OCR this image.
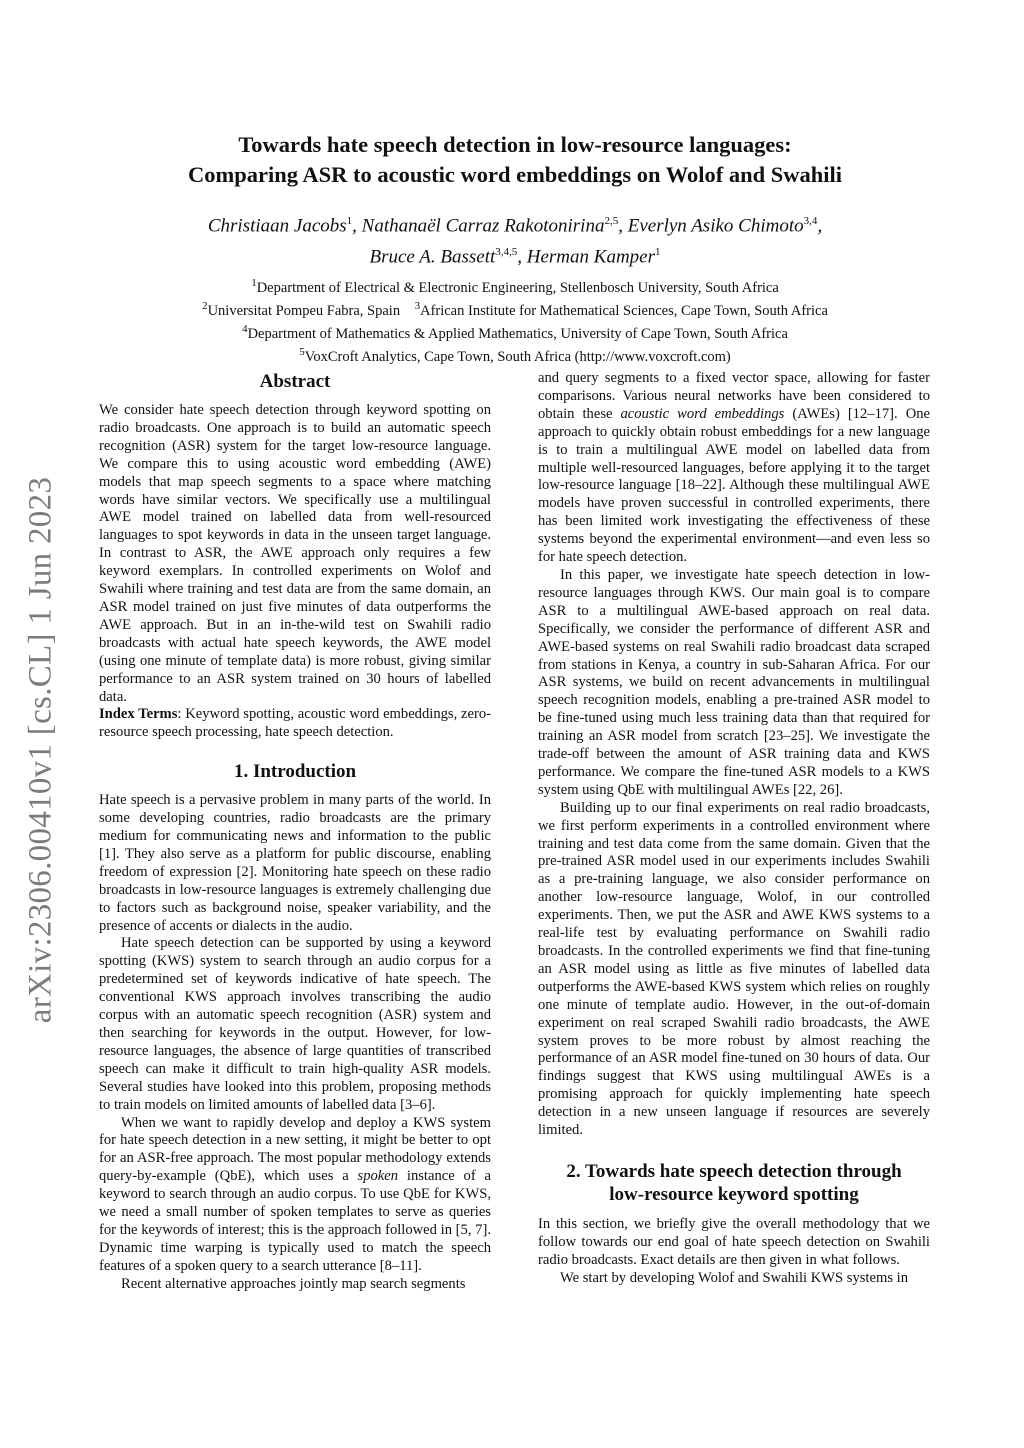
arXiv:2306.00410v1 [cs.CL] 1 Jun 2023
Towards hate speech detection in low-resource languages:
Comparing ASR to acoustic word embeddings on Wolof and Swahili
Christiaan Jacobs$^1$, Nathanaël Carraz Rakotonirina$^{2,5}$, Everlyn Asiko Chimoto$^{3,4}$,
Bruce A. Bassett$^{3,4,5}$, Herman Kamper$^1$
$^1$Department of Electrical & Electronic Engineering, Stellenbosch University, South Africa
$^2$Universitat Pompeu Fabra, Spain $^3$African Institute for Mathematical Sciences, Cape Town, South Africa
$^4$Department of Mathematics & Applied Mathematics, University of Cape Town, South Africa
$^5$VoxCroft Analytics, Cape Town, South Africa (http://www.voxcroft.com)
Abstract

We consider hate speech detection through keyword spotting on radio broadcasts. One approach is to build an automatic speech recognition (ASR) system for the target low-resource language. We compare this to using acoustic word embedding (AWE) models that map speech segments to a space where matching words have similar vectors. We specifically use a multilingual AWE model trained on labelled data from well-resourced languages to spot keywords in data in the unseen target language. In contrast to ASR, the AWE approach only requires a few keyword exemplars. In controlled experiments on Wolof and Swahili where training and test data are from the same domain, an ASR model trained on just five minutes of data outperforms the AWE approach. But in an in-the-wild test on Swahili radio broadcasts with actual hate speech keywords, the AWE model (using one minute of template data) is more robust, giving similar performance to an ASR system trained on 30 hours of labelled data.

Index Terms: Keyword spotting, acoustic word embeddings, zero-resource speech processing, hate speech detection.

1. Introduction

Hate speech is a pervasive problem in many parts of the world. In some developing countries, radio broadcasts are the primary medium for communicating news and information to the public [1]. They also serve as a platform for public discourse, enabling freedom of expression [2]. Monitoring hate speech on these radio broadcasts in low-resource languages is extremely challenging due to factors such as background noise, speaker variability, and the presence of accents or dialects in the audio.

Hate speech detection can be supported by using a keyword spotting (KWS) system to search through an audio corpus for a predetermined set of keywords indicative of hate speech. The conventional KWS approach involves transcribing the audio corpus with an automatic speech recognition (ASR) system and then searching for keywords in the output. However, for low-resource languages, the absence of large quantities of transcribed speech can make it difficult to train high-quality ASR models. Several studies have looked into this problem, proposing methods to train models on limited amounts of labelled data [3–6].

When we want to rapidly develop and deploy a KWS system for hate speech detection in a new setting, it might be better to opt for an ASR-free approach. The most popular methodology extends query-by-example (QbE), which uses a spoken instance of a keyword to search through an audio corpus. To use QbE for KWS, we need a small number of spoken templates to serve as queries for the keywords of interest; this is the approach followed in [5, 7]. Dynamic time warping is typically used to match the speech features of a spoken query to a search utterance [8–11].

Recent alternative approaches jointly map search segments

and query segments to a fixed vector space, allowing for faster comparisons. Various neural networks have been considered to obtain these acoustic word embeddings (AWEs) [12–17]. One approach to quickly obtain robust embeddings for a new language is to train a multilingual AWE model on labelled data from multiple well-resourced languages, before applying it to the target low-resource language [18–22]. Although these multilingual AWE models have proven successful in controlled experiments, there has been limited work investigating the effectiveness of these systems beyond the experimental environment—and even less so for hate speech detection.

In this paper, we investigate hate speech detection in low-resource languages through KWS. Our main goal is to compare ASR to a multilingual AWE-based approach on real data. Specifically, we consider the performance of different ASR and AWE-based systems on real Swahili radio broadcast data scraped from stations in Kenya, a country in sub-Saharan Africa. For our ASR systems, we build on recent advancements in multilingual speech recognition models, enabling a pre-trained ASR model to be fine-tuned using much less training data than that required for training an ASR model from scratch [23–25]. We investigate the trade-off between the amount of ASR training data and KWS performance. We compare the fine-tuned ASR models to a KWS system using QbE with multilingual AWEs [22, 26].

Building up to our final experiments on real radio broadcasts, we first perform experiments in a controlled environment where training and test data come from the same domain. Given that the pre-trained ASR model used in our experiments includes Swahili as a pre-training language, we also consider performance on another low-resource language, Wolof, in our controlled experiments. Then, we put the ASR and AWE KWS systems to a real-life test by evaluating performance on Swahili radio broadcasts. In the controlled experiments we find that fine-tuning an ASR model using as little as five minutes of labelled data outperforms the AWE-based KWS system which relies on roughly one minute of template audio. However, in the out-of-domain experiment on real scraped Swahili radio broadcasts, the AWE system proves to be more robust by almost reaching the performance of an ASR model fine-tuned on 30 hours of data. Our findings suggest that KWS using multilingual AWEs is a promising approach for quickly implementing hate speech detection in a new unseen language if resources are severely limited.

2. Towards hate speech detection through
low-resource keyword spotting

In this section, we briefly give the overall methodology that we follow towards our end goal of hate speech detection on Swahili radio broadcasts. Exact details are then given in what follows.

We start by developing Wolof and Swahili KWS systems in
